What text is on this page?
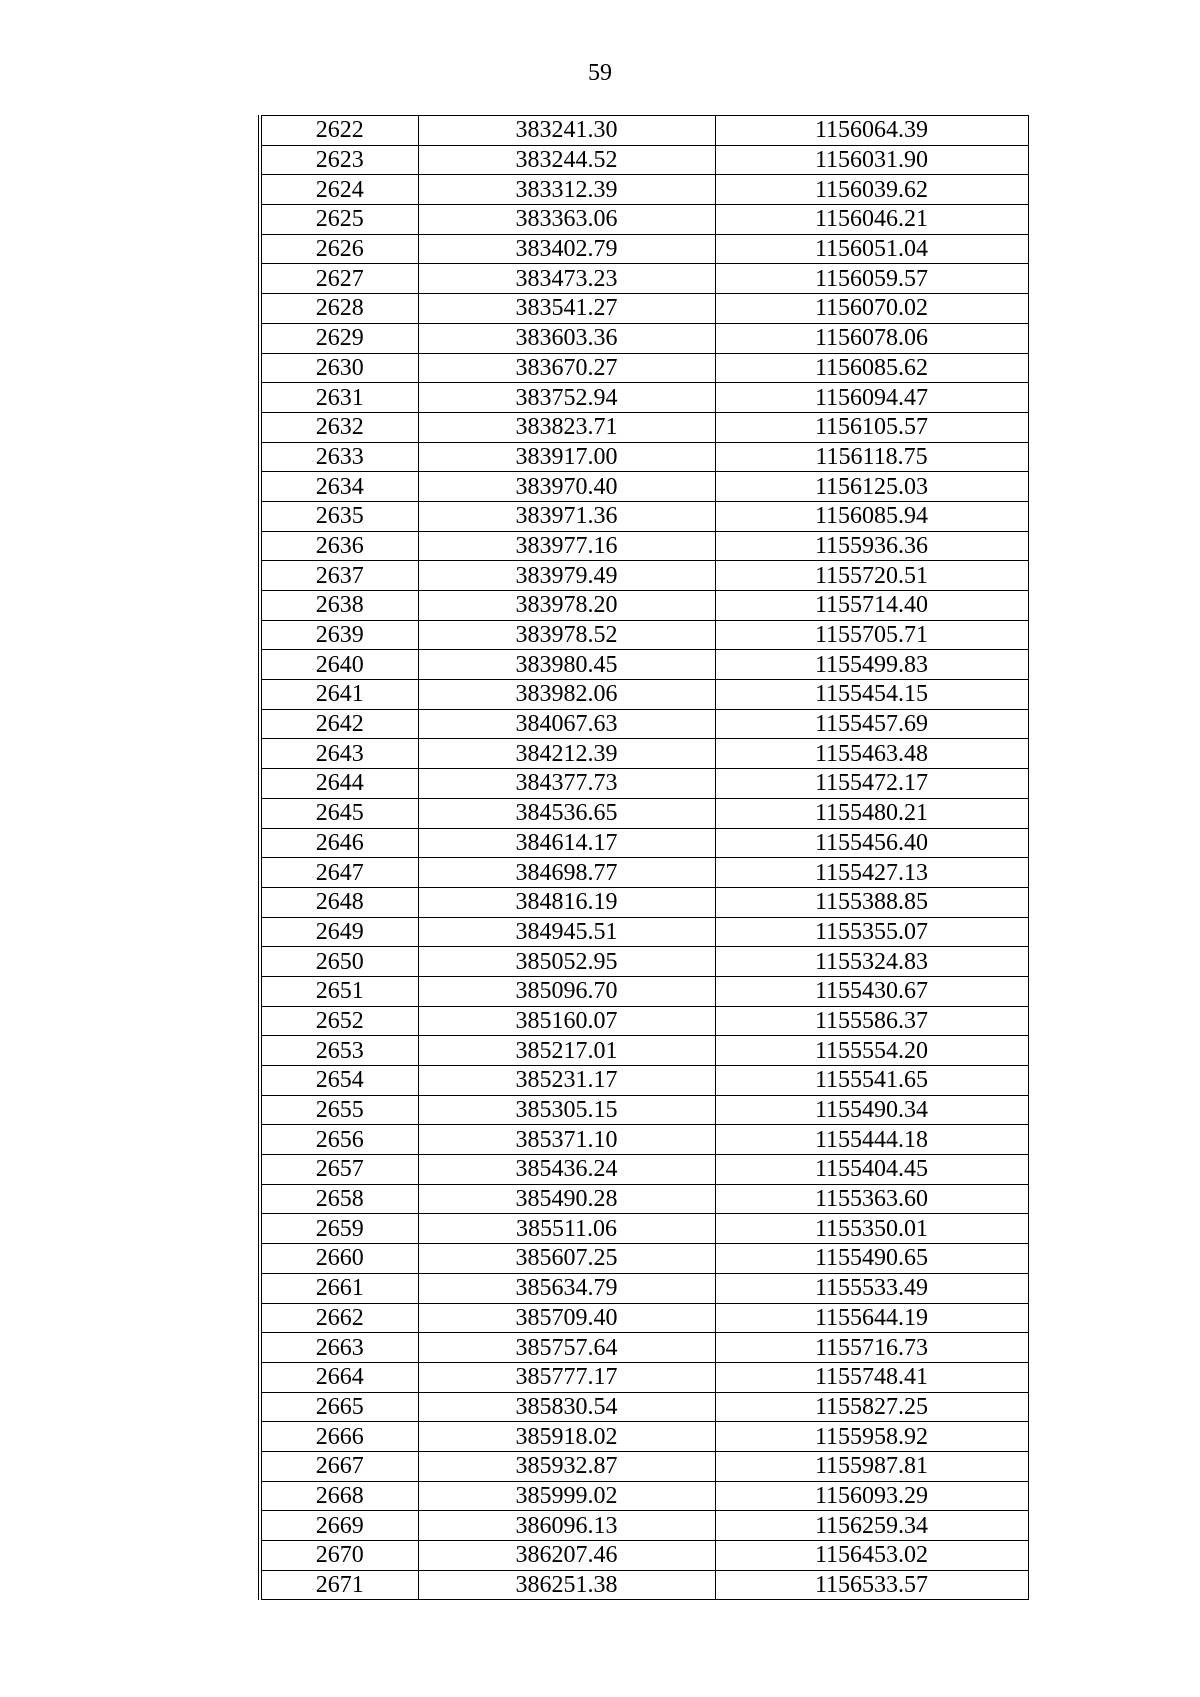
59
2622	383241.30	1156064.39
2623	383244.52	1156031.90
2624	383312.39	1156039.62
2625	383363.06	1156046.21
2626	383402.79	1156051.04
2627	383473.23	1156059.57
2628	383541.27	1156070.02
2629	383603.36	1156078.06
2630	383670.27	1156085.62
2631	383752.94	1156094.47
2632	383823.71	1156105.57
2633	383917.00	1156118.75
2634	383970.40	1156125.03
2635	383971.36	1156085.94
2636	383977.16	1155936.36
2637	383979.49	1155720.51
2638	383978.20	1155714.40
2639	383978.52	1155705.71
2640	383980.45	1155499.83
2641	383982.06	1155454.15
2642	384067.63	1155457.69
2643	384212.39	1155463.48
2644	384377.73	1155472.17
2645	384536.65	1155480.21
2646	384614.17	1155456.40
2647	384698.77	1155427.13
2648	384816.19	1155388.85
2649	384945.51	1155355.07
2650	385052.95	1155324.83
2651	385096.70	1155430.67
2652	385160.07	1155586.37
2653	385217.01	1155554.20
2654	385231.17	1155541.65
2655	385305.15	1155490.34
2656	385371.10	1155444.18
2657	385436.24	1155404.45
2658	385490.28	1155363.60
2659	385511.06	1155350.01
2660	385607.25	1155490.65
2661	385634.79	1155533.49
2662	385709.40	1155644.19
2663	385757.64	1155716.73
2664	385777.17	1155748.41
2665	385830.54	1155827.25
2666	385918.02	1155958.92
2667	385932.87	1155987.81
2668	385999.02	1156093.29
2669	386096.13	1156259.34
2670	386207.46	1156453.02
2671	386251.38	1156533.57
